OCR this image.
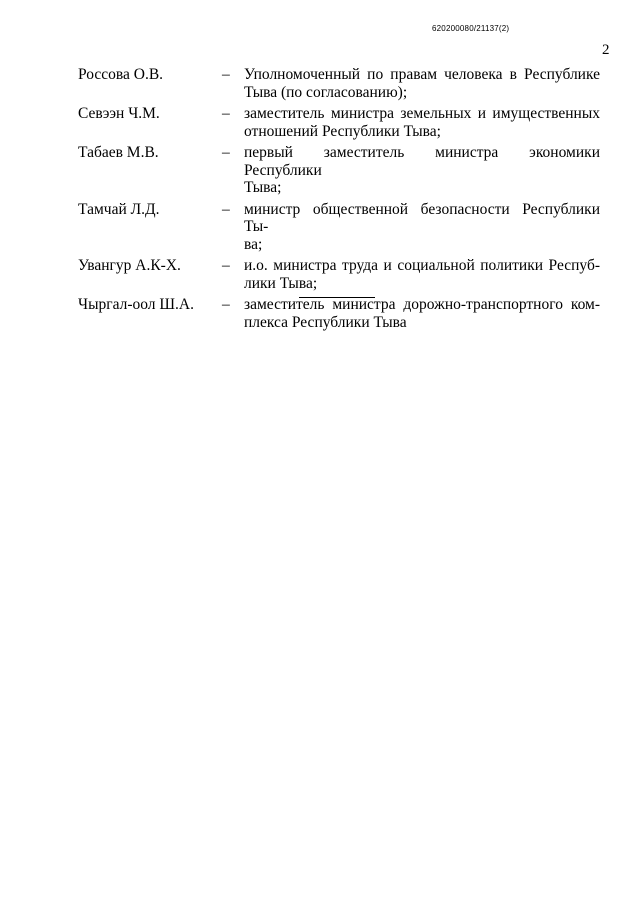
620200080/21137(2)
2
Россова О.В.	– Уполномоченный по правам человека в Республике
Тыва (по согласованию);
Севээн Ч.М.	– заместитель министра земельных и имущественных
отношений Республики Тыва;
Табаев М.В.	– первый заместитель министра экономики Республики
Тыва;
Тамчай Л.Д.	– министр общественной безопасности Республики Ты-
ва;
Увангур А.К-Х.	– и.о. министра труда и социальной политики Респуб-
лики Тыва;
Чыргал-оол Ш.А.	– заместитель министра дорожно-транспортного ком-
плекса Республики Тыва
